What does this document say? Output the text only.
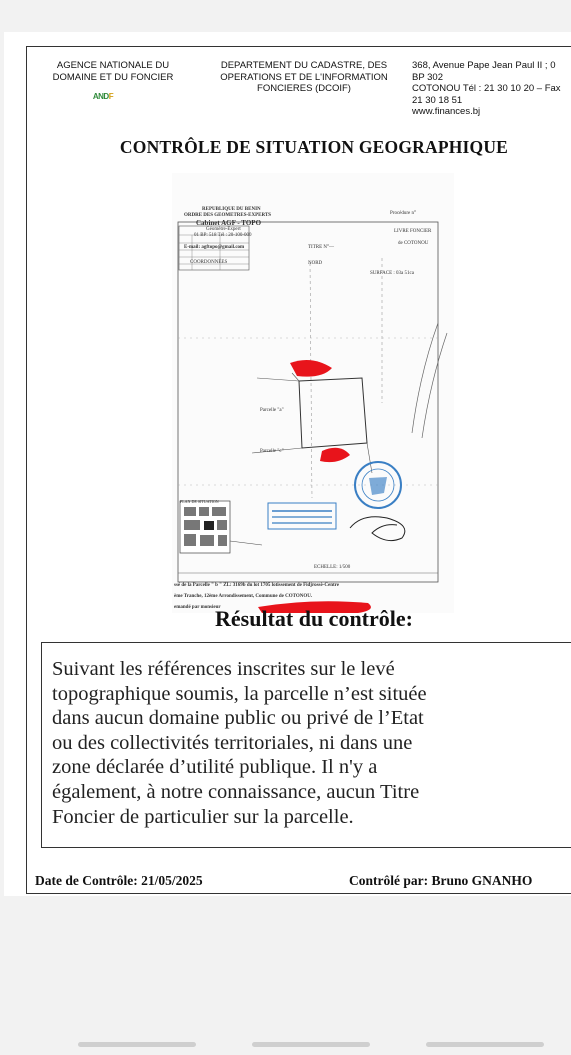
AGENCE NATIONALE DU
DOMAINE ET DU FONCIER
ANDF
DEPARTEMENT DU CADASTRE, DES
OPERATIONS ET DE L'INFORMATION
FONCIERES (DCOIF)
368, Avenue Pape Jean Paul II ; 0
BP 302
COTONOU Tél : 21 30 10 20 – Fax
21 30 18 51
www.finances.bj
CONTRÔLE DE SITUATION GEOGRAPHIQUE
REPUBLIQUE DU BENIN
ORDRE DES GEOMETRES-EXPERTS
Cabinet AGF - TOPO
Géomètre-Expert
01 BP: 518 Tél : 20-100-000
E-mail: agftopo@gmail.com
Procédure n°
LIVRE FONCIER
de COTONOU
TITRE N°—
COORDONNÉES	NORD
SURFACE : 03a 51ca
Parcelle "a"
Parcelle "c"
PLAN DE SITUATION
ECHELLE: 1/500
ssé de la Parcelle " b " ZL: 3169b du lot 1705 lotissement de Fidjrossè-Centre
ème Tranche, 12ème Arrondissement, Commune de COTONOU.
emandé par monsieur
Résultat du contrôle:
Suivant les références inscrites sur le levé
topographique soumis, la parcelle n’est située
dans aucun domaine public ou privé de l’Etat
ou des collectivités territoriales, ni dans une
zone déclarée d’utilité publique. Il n'y a
également, à notre connaissance, aucun Titre
Foncier de particulier sur la parcelle.
Date de Contrôle: 21/05/2025	Contrôlé par: Bruno GNANHO
